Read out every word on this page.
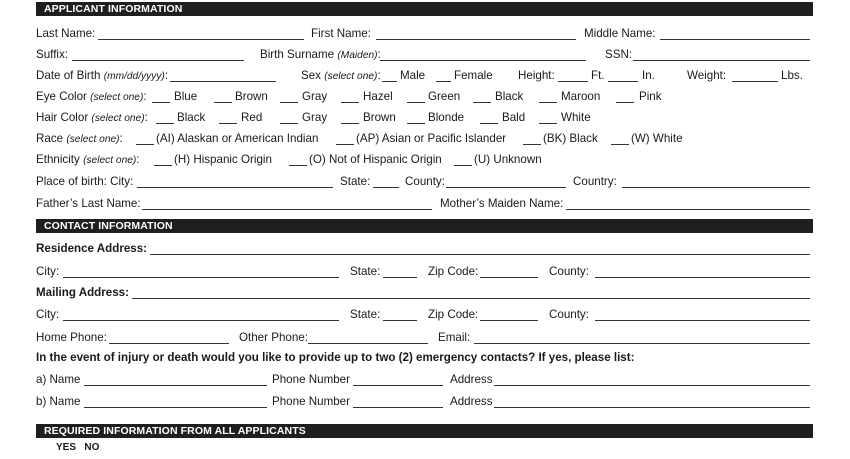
APPLICANT INFORMATION
Last Name:	First Name:	Middle Name:
Suffix:	Birth Surname (Maiden):	SSN:
Date of Birth (mm/dd/yyyy):	Sex (select one): Male Female Height:	Ft.	In.	Weight:	Lbs.
Eye Color (select one): Blue	Brown	Gray	Hazel	Green	Black	Maroon	Pink
Hair Color (select one):	Black	Red	Gray	Brown	Blonde	Bald	White
Race (select one):	(AI) Alaskan or American Indian	(AP) Asian or Pacific Islander	(BK) Black	(W) White
Ethnicity (select one):	(H) Hispanic Origin	(O) Not of Hispanic Origin	(U) Unknown
Place of birth: City:	State:	County:	Country:
Father’s Last Name:	Mother’s Maiden Name:
CONTACT INFORMATION
Residence Address:
City:	State:	Zip Code:	County:
Mailing Address:
City:	State:	Zip Code:	County:
Home Phone:	Other Phone:	Email:
In the event of injury or death would you like to provide up to two (2) emergency contacts? If yes, please list:
a) Name	Phone Number	Address
b) Name	Phone Number	Address
REQUIRED INFORMATION FROM ALL APPLICANTS
YES   NO
